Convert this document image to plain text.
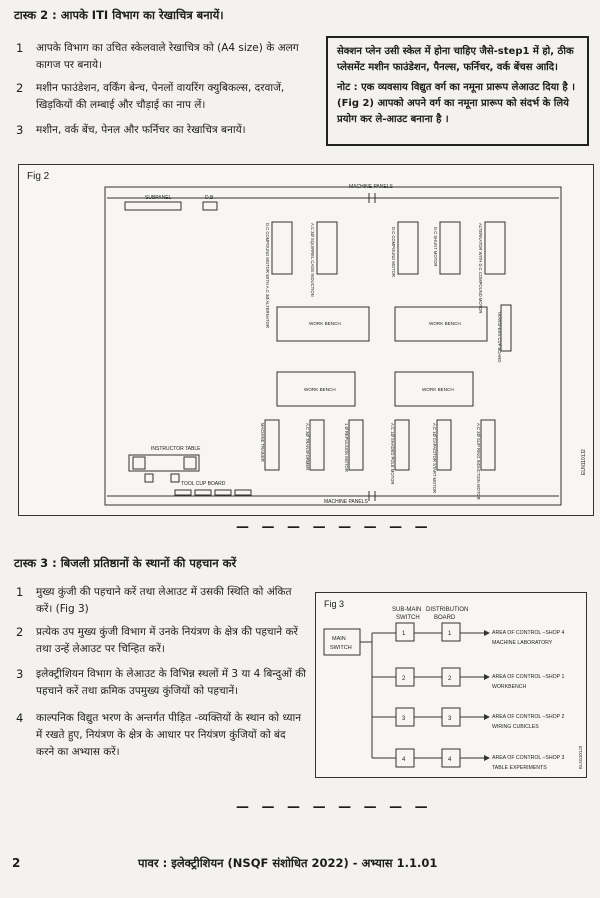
टास्क 2 : आपके ITI विभाग का रेखाचित्र बनायें।
1 आपके विभाग का उचित स्केलवाले रेखाचित्र को (A4 size) के अलग कागज पर बनाये।
2 मशीन फाउंडेशन, वर्किंग बेन्च, पेनलों वायरिंग क्युबिकल्स, दरवाजें, खिड़कियों की लम्बाई और चौड़ाई का नाप लें।
3 मशीन, वर्क बेंच, पेनल और फर्निचर का रेखाचित्र बनायें।

सेक्शन प्लेन उसी स्केल में होना चाहिए जैसे-step1 में हो, ठीक प्लेसमेंट मशीन फाउंडेशन, पैनल्स, फर्निचर, वर्क बेंचस आदि।

नोट : एक व्यवसाय विद्युत वर्ग का नमूना प्रारूप लेआउट दिया है । (Fig 2) आपको अपने वर्ग का नमूना प्रारूप को संदर्भ के लिये प्रयोग कर ले-आउट बनाना है ।

Fig 2
MACHINE PANELS
MACHINE PANELS
SUBPANEL	D.B
D.C COMPOUND MOTOR WITH A.C 3Ø ALTERNATOR	A.C 3Ø SQUIRREL CAGE INDUCTION	D.C COMPOUND MOTOR	D.C SHUNT MOTOR	ALTERNATOR WITH D.C COMPOUND MOTOR
TRANSFERS CUP BOARD
WORK BENCH	WORK BENCH
WORK BENCH	WORK BENCH
MACHINE TRAINER	A.C 3Ø TRANSFORMER	1 Ø REPULSION MOTOR	A.C 1Ø SHADED POLE MOTOR	A.C 1Ø CAPACITOR START MOTOR	A.C 3Ø SLIP RING INDUCTION MOTOR
INSTRUCTOR TABLE
TOOL CUP BOARD
ELN1101J2
— — — — — — — —
टास्क 3 : बिजली प्रतिष्ठानों के स्थानों की पहचान करें
1 मुख्य कुंजी की पहचाने करें तथा लेआउट में उसकी स्थिति को अंकित करें। (Fig 3)
2 प्रत्येक उप मुख्य कुंजी विभाग में उनके नियंत्रण के क्षेत्र की पहचाने करें तथा उन्हें लेआउट पर चिन्हित करें।
3 इलेक्ट्रीशियन विभाग के लेआउट के विभिन्न स्थलों में 3 या 4 बिन्दुओं की पहचाने करें तथा क्रमिक उपमुख्य कुंजियों को पहचानें।
4 काल्पनिक विद्युत भरण के अन्तर्गत पीड़ित -व्यक्तियों के स्थान को ध्यान में रखते हुए, नियंत्रण के क्षेत्र के आधार पर नियंत्रण कुंजियों को बंद करने का अभ्यास करें।
Fig 3
SUB-MAIN
SWITCH
DISTRIBUTION
BOARD
MAIN
SWITCH
1	1	AREA OF CONTROL –SHOP 4
MACHINE LABORATORY
2	2	AREA OF CONTROL –SHOP 1
WORKBENCH
3	3	AREA OF CONTROL –SHOP 2
WIRING CUBICLES
4	4	AREA OF CONTROL –SHOP 3
TABLE EXPERIMENTS	ELN1101J3
— — — — — — — —
2	पावर : इलेक्ट्रीशियन (NSQF संशोधित 2022) - अभ्यास 1.1.01
